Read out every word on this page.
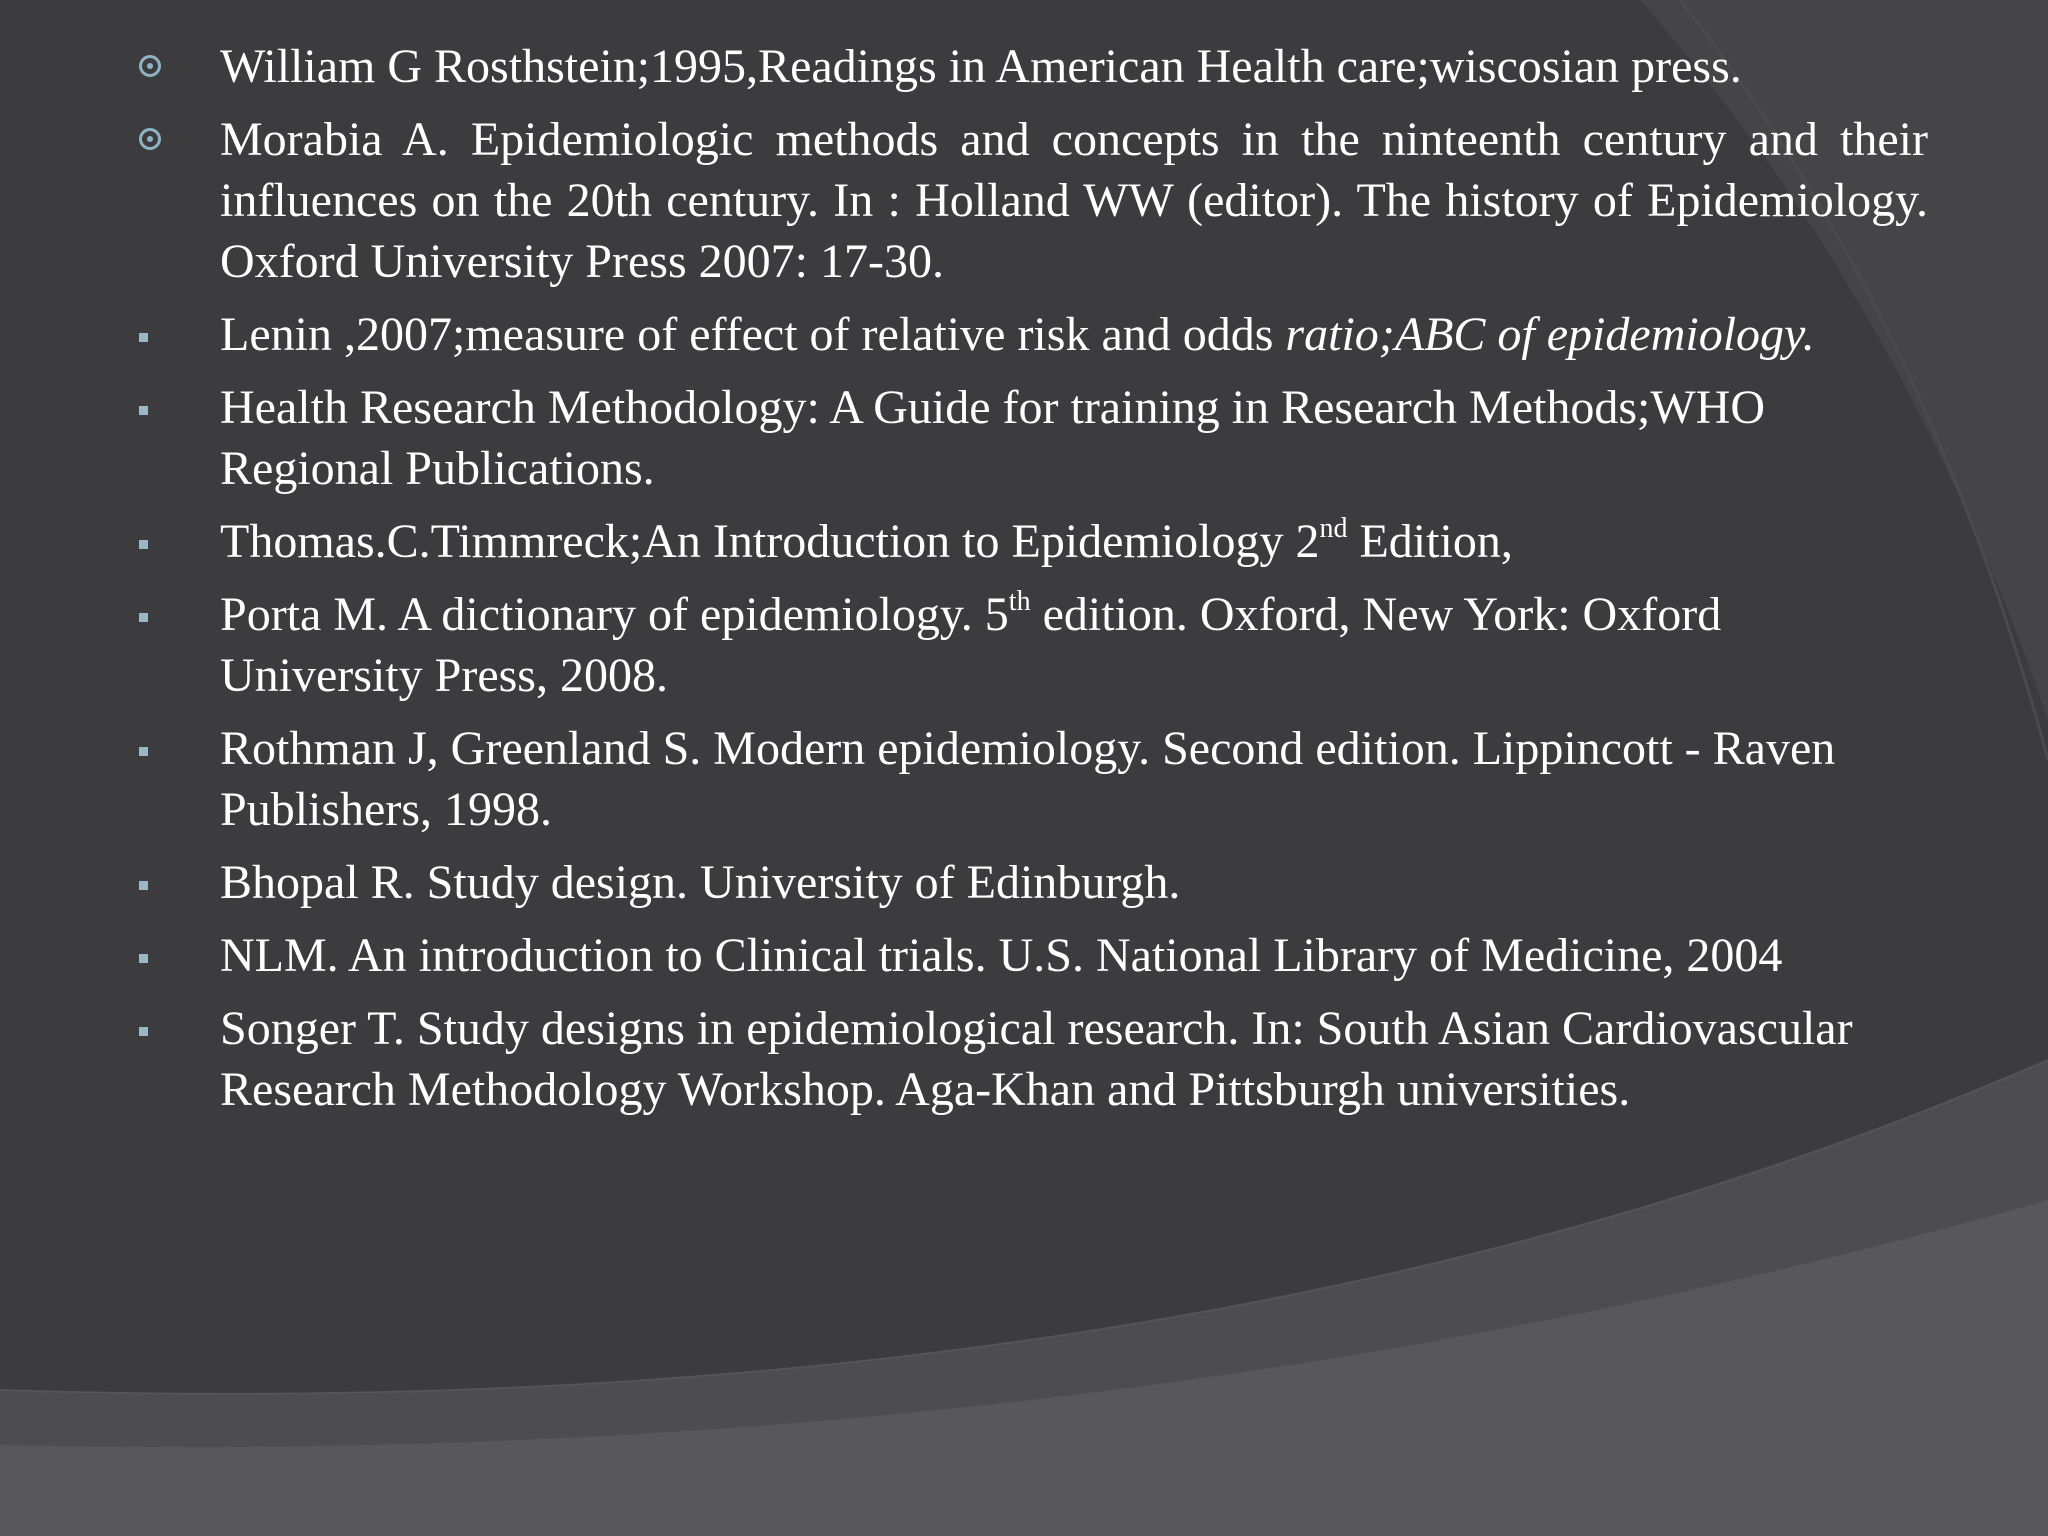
William G Rosthstein;1995,Readings in American Health care;wiscosian press.
Morabia A. Epidemiologic methods and concepts in the ninteenth century and their influences on the 20th century. In : Holland WW (editor). The history of Epidemiology. Oxford University Press 2007: 17-30.
Lenin ,2007;measure of effect of relative risk and odds ratio;ABC of epidemiology.
Health Research Methodology: A Guide for training in Research Methods;WHO Regional Publications.
Thomas.C.Timmreck;An Introduction to Epidemiology 2nd Edition,
Porta M. A dictionary of epidemiology. 5th edition. Oxford, New York: Oxford University Press, 2008.
Rothman J, Greenland S. Modern epidemiology. Second edition. Lippincott - Raven Publishers, 1998.
Bhopal R. Study design. University of Edinburgh.
NLM. An introduction to Clinical trials. U.S. National Library of Medicine, 2004
Songer T. Study designs in epidemiological research. In: South Asian Cardiovascular Research Methodology Workshop. Aga-Khan and Pittsburgh universities.
